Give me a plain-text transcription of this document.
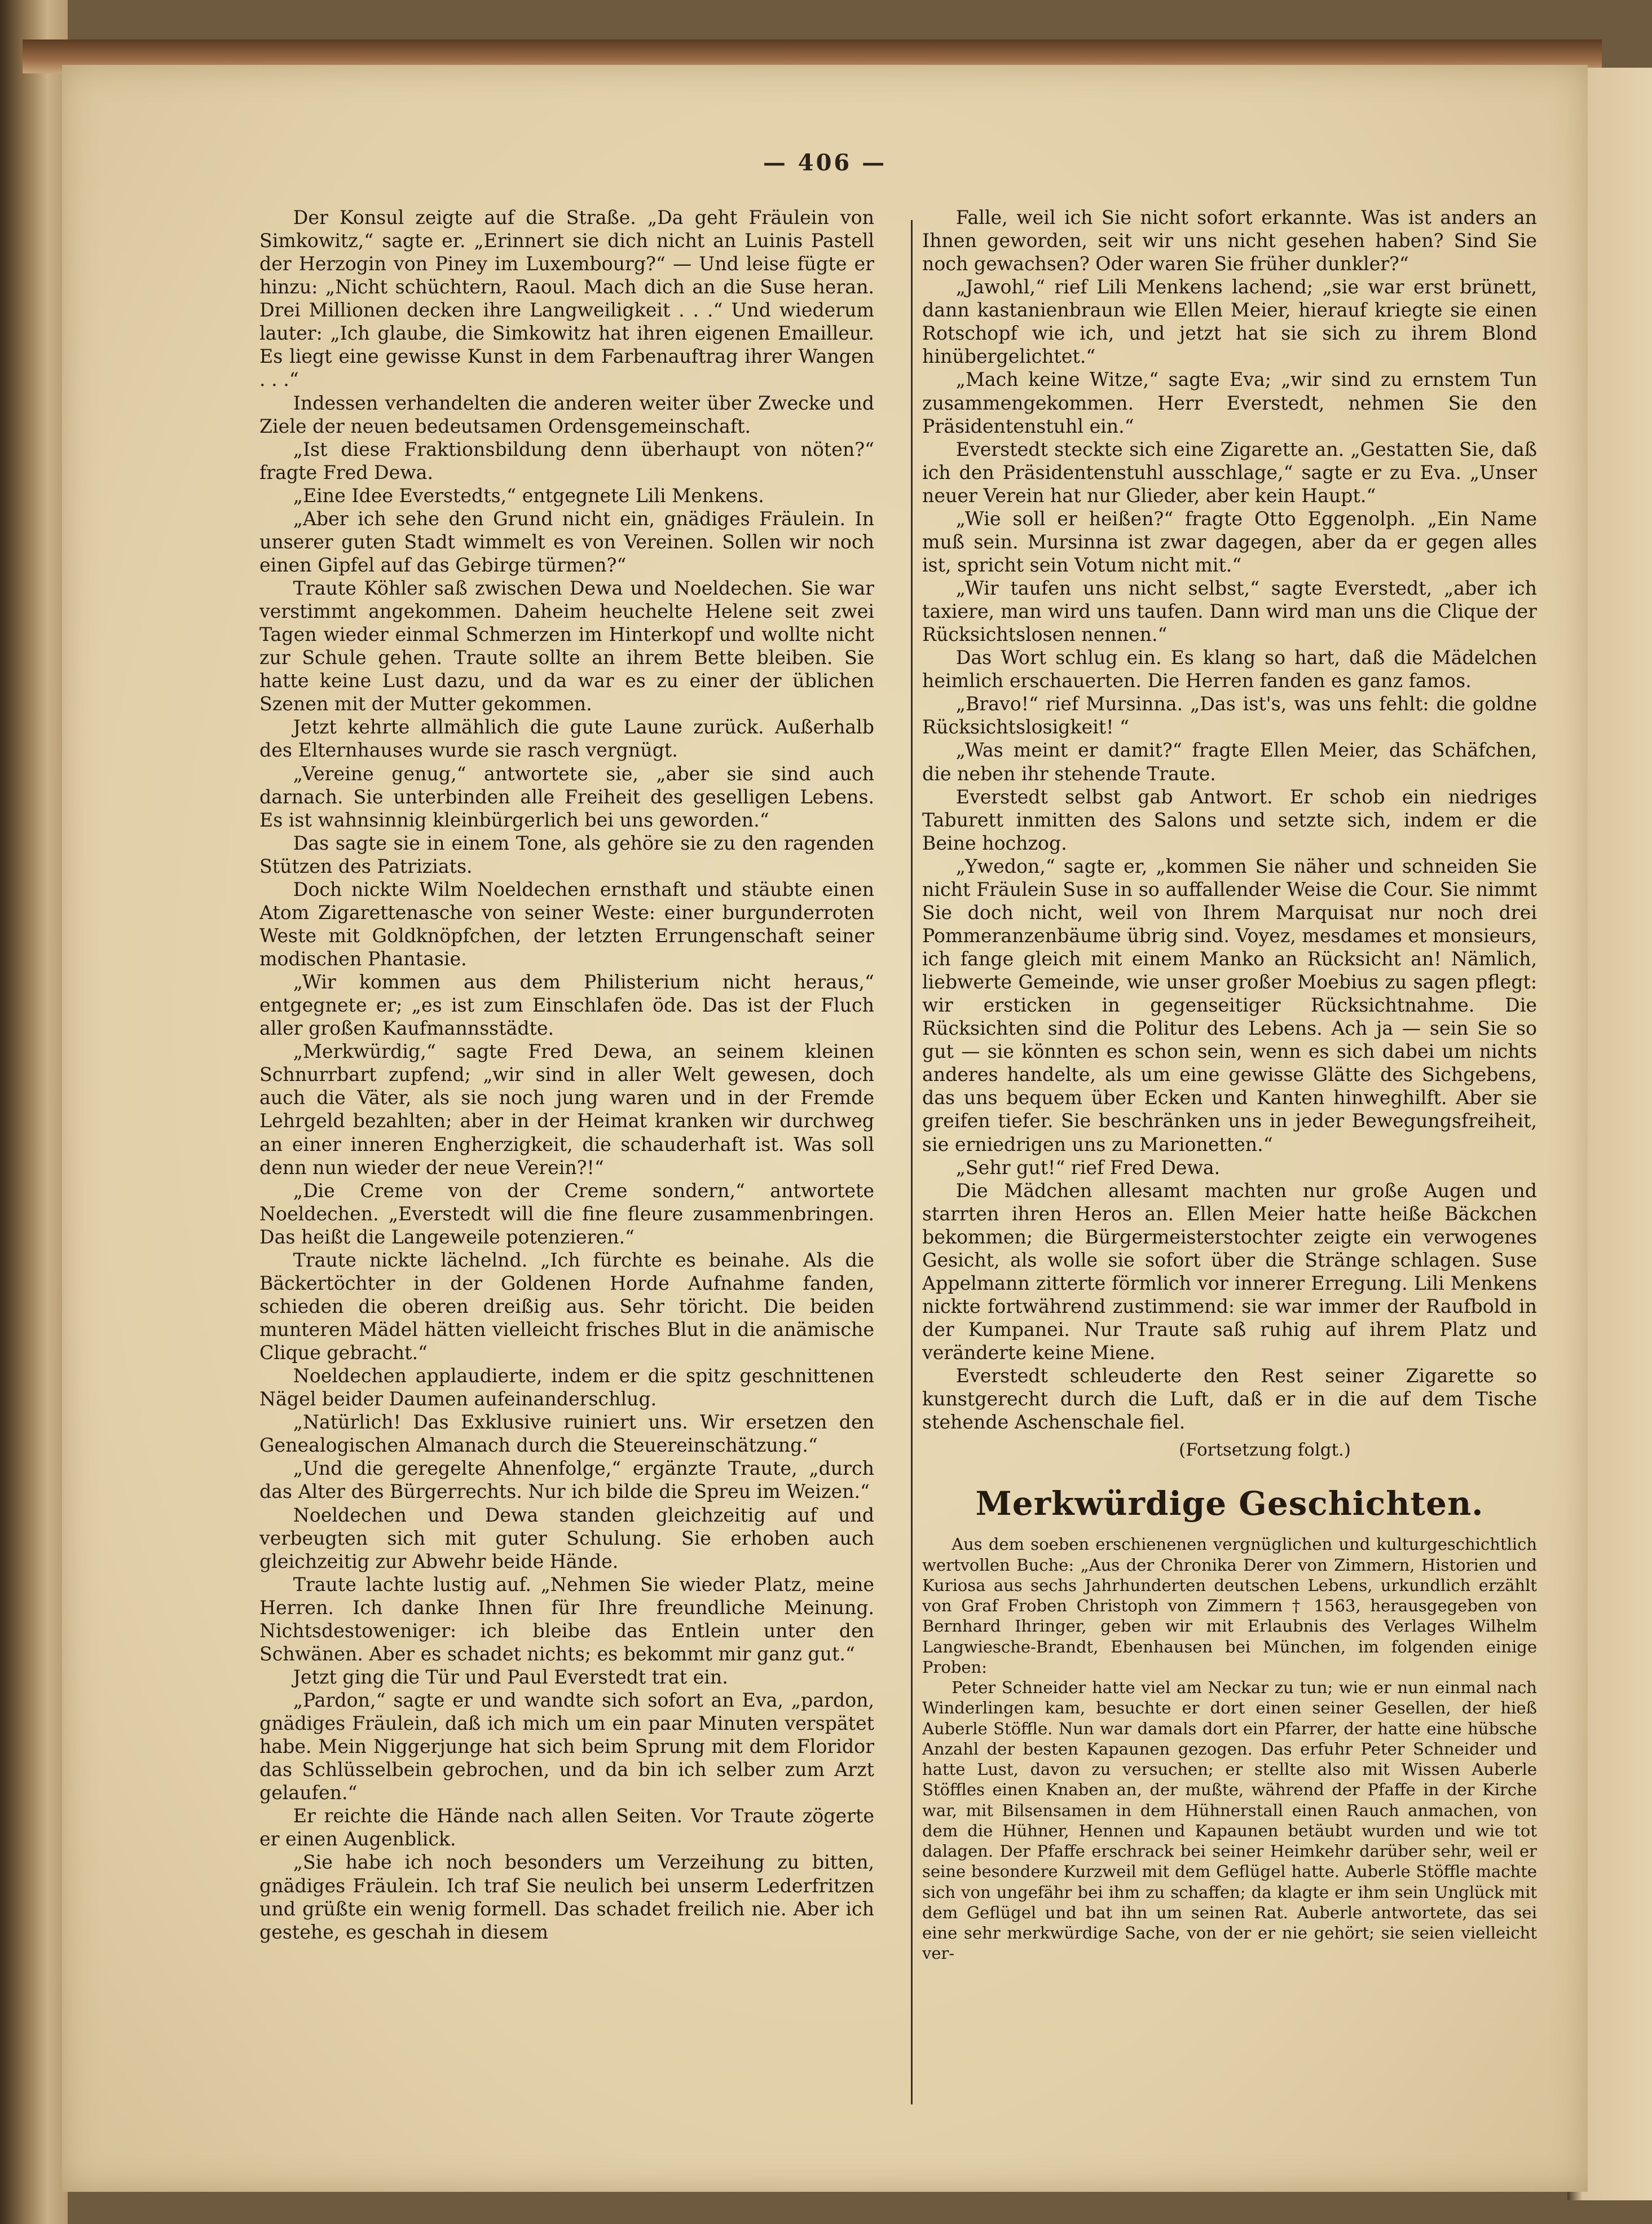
— 406 —

Der Konsul zeigte auf die Straße. „Da geht Fräulein von Simkowitz,“ sagte er. „Erinnert sie dich nicht an Luinis Pastell der Herzogin von Piney im Luxembourg?“ — Und leise fügte er hinzu: „Nicht schüchtern, Raoul. Mach dich an die Suse heran. Drei Millionen decken ihre Langweiligkeit . . .“ Und wiederum lauter: „Ich glaube, die Simkowitz hat ihren eigenen Emailleur. Es liegt eine gewisse Kunst in dem Farbenauftrag ihrer Wangen . . .“

Indessen verhandelten die anderen weiter über Zwecke und Ziele der neuen bedeutsamen Ordensgemeinschaft.

„Ist diese Fraktionsbildung denn überhaupt von nöten?“ fragte Fred Dewa.

„Eine Idee Everstedts,“ entgegnete Lili Menkens.

„Aber ich sehe den Grund nicht ein, gnädiges Fräulein. In unserer guten Stadt wimmelt es von Vereinen. Sollen wir noch einen Gipfel auf das Gebirge türmen?“

Traute Köhler saß zwischen Dewa und Noeldechen. Sie war verstimmt angekommen. Daheim heuchelte Helene seit zwei Tagen wieder einmal Schmerzen im Hinterkopf und wollte nicht zur Schule gehen. Traute sollte an ihrem Bette bleiben. Sie hatte keine Lust dazu, und da war es zu einer der üblichen Szenen mit der Mutter gekommen.

Jetzt kehrte allmählich die gute Laune zurück. Außerhalb des Elternhauses wurde sie rasch vergnügt.

„Vereine genug,“ antwortete sie, „aber sie sind auch darnach. Sie unterbinden alle Freiheit des geselligen Lebens. Es ist wahnsinnig kleinbürgerlich bei uns geworden.“

Das sagte sie in einem Tone, als gehöre sie zu den ragenden Stützen des Patriziats.

Doch nickte Wilm Noeldechen ernsthaft und stäubte einen Atom Zigarettenasche von seiner Weste: einer burgunderroten Weste mit Goldknöpfchen, der letzten Errungenschaft seiner modischen Phantasie.

„Wir kommen aus dem Philisterium nicht heraus,“ entgegnete er; „es ist zum Einschlafen öde. Das ist der Fluch aller großen Kaufmannsstädte.

„Merkwürdig,“ sagte Fred Dewa, an seinem kleinen Schnurrbart zupfend; „wir sind in aller Welt gewesen, doch auch die Väter, als sie noch jung waren und in der Fremde Lehrgeld bezahlten; aber in der Heimat kranken wir durchweg an einer inneren Engherzigkeit, die schauderhaft ist. Was soll denn nun wieder der neue Verein?!“

„Die Creme von der Creme sondern,“ antwortete Noeldechen. „Everstedt will die fine fleure zusammenbringen. Das heißt die Langeweile potenzieren.“

Traute nickte lächelnd. „Ich fürchte es beinahe. Als die Bäckertöchter in der Goldenen Horde Aufnahme fanden, schieden die oberen dreißig aus. Sehr töricht. Die beiden munteren Mädel hätten vielleicht frisches Blut in die anämische Clique gebracht.“

Noeldechen applaudierte, indem er die spitz geschnittenen Nägel beider Daumen aufeinanderschlug.

„Natürlich! Das Exklusive ruiniert uns. Wir ersetzen den Genealogischen Almanach durch die Steuereinschätzung.“

„Und die geregelte Ahnenfolge,“ ergänzte Traute, „durch das Alter des Bürgerrechts. Nur ich bilde die Spreu im Weizen.“

Noeldechen und Dewa standen gleichzeitig auf und verbeugten sich mit guter Schulung. Sie erhoben auch gleichzeitig zur Abwehr beide Hände.

Traute lachte lustig auf. „Nehmen Sie wieder Platz, meine Herren. Ich danke Ihnen für Ihre freundliche Meinung. Nichtsdestoweniger: ich bleibe das Entlein unter den Schwänen. Aber es schadet nichts; es bekommt mir ganz gut.“

Jetzt ging die Tür und Paul Everstedt trat ein.

„Pardon,“ sagte er und wandte sich sofort an Eva, „pardon, gnädiges Fräulein, daß ich mich um ein paar Minuten verspätet habe. Mein Niggerjunge hat sich beim Sprung mit dem Floridor das Schlüsselbein gebrochen, und da bin ich selber zum Arzt gelaufen.“

Er reichte die Hände nach allen Seiten. Vor Traute zögerte er einen Augenblick.

„Sie habe ich noch besonders um Verzeihung zu bitten, gnädiges Fräulein. Ich traf Sie neulich bei unserm Lederfritzen und grüßte ein wenig formell. Das schadet freilich nie. Aber ich gestehe, es geschah in diesem

Falle, weil ich Sie nicht sofort erkannte. Was ist anders an Ihnen geworden, seit wir uns nicht gesehen haben? Sind Sie noch gewachsen? Oder waren Sie früher dunkler?“

„Jawohl,“ rief Lili Menkens lachend; „sie war erst brünett, dann kastanienbraun wie Ellen Meier, hierauf kriegte sie einen Rotschopf wie ich, und jetzt hat sie sich zu ihrem Blond hinübergelichtet.“

„Mach keine Witze,“ sagte Eva; „wir sind zu ernstem Tun zusammengekommen. Herr Everstedt, nehmen Sie den Präsidentenstuhl ein.“

Everstedt steckte sich eine Zigarette an. „Gestatten Sie, daß ich den Präsidentenstuhl ausschlage,“ sagte er zu Eva. „Unser neuer Verein hat nur Glieder, aber kein Haupt.“

„Wie soll er heißen?“ fragte Otto Eggenolph. „Ein Name muß sein. Mursinna ist zwar dagegen, aber da er gegen alles ist, spricht sein Votum nicht mit.“

„Wir taufen uns nicht selbst,“ sagte Everstedt, „aber ich taxiere, man wird uns taufen. Dann wird man uns die Clique der Rücksichtslosen nennen.“

Das Wort schlug ein. Es klang so hart, daß die Mädelchen heimlich erschauerten. Die Herren fanden es ganz famos.

„Bravo!“ rief Mursinna. „Das ist's, was uns fehlt: die goldne Rücksichtslosigkeit! “

„Was meint er damit?“ fragte Ellen Meier, das Schäfchen, die neben ihr stehende Traute.

Everstedt selbst gab Antwort. Er schob ein niedriges Taburett inmitten des Salons und setzte sich, indem er die Beine hochzog.

„Ywedon,“ sagte er, „kommen Sie näher und schneiden Sie nicht Fräulein Suse in so auffallender Weise die Cour. Sie nimmt Sie doch nicht, weil von Ihrem Marquisat nur noch drei Pommeranzenbäume übrig sind. Voyez, mesdames et monsieurs, ich fange gleich mit einem Manko an Rücksicht an! Nämlich, liebwerte Gemeinde, wie unser großer Moebius zu sagen pflegt: wir ersticken in gegenseitiger Rücksichtnahme. Die Rücksichten sind die Politur des Lebens. Ach ja — sein Sie so gut — sie könnten es schon sein, wenn es sich dabei um nichts anderes handelte, als um eine gewisse Glätte des Sichgebens, das uns bequem über Ecken und Kanten hinweghilft. Aber sie greifen tiefer. Sie beschränken uns in jeder Bewegungsfreiheit, sie erniedrigen uns zu Marionetten.“

„Sehr gut!“ rief Fred Dewa.

Die Mädchen allesamt machten nur große Augen und starrten ihren Heros an. Ellen Meier hatte heiße Bäckchen bekommen; die Bürgermeisterstochter zeigte ein verwogenes Gesicht, als wolle sie sofort über die Stränge schlagen. Suse Appelmann zitterte förmlich vor innerer Erregung. Lili Menkens nickte fortwährend zustimmend: sie war immer der Raufbold in der Kumpanei. Nur Traute saß ruhig auf ihrem Platz und veränderte keine Miene.

Everstedt schleuderte den Rest seiner Zigarette so kunstgerecht durch die Luft, daß er in die auf dem Tische stehende Aschenschale fiel.

(Fortsetzung folgt.)

Merkwürdige Geschichten.

Aus dem soeben erschienenen vergnüglichen und kulturgeschichtlich wertvollen Buche: „Aus der Chronika Derer von Zimmern, Historien und Kuriosa aus sechs Jahrhunderten deutschen Lebens, urkundlich erzählt von Graf Froben Christoph von Zimmern † 1563, herausgegeben von Bernhard Ihringer, geben wir mit Erlaubnis des Verlages Wilhelm Langwiesche-Brandt, Ebenhausen bei München, im folgenden einige Proben:

Peter Schneider hatte viel am Neckar zu tun; wie er nun einmal nach Winderlingen kam, besuchte er dort einen seiner Gesellen, der hieß Auberle Stöffle. Nun war damals dort ein Pfarrer, der hatte eine hübsche Anzahl der besten Kapaunen gezogen. Das erfuhr Peter Schneider und hatte Lust, davon zu versuchen; er stellte also mit Wissen Auberle Stöffles einen Knaben an, der mußte, während der Pfaffe in der Kirche war, mit Bilsensamen in dem Hühnerstall einen Rauch anmachen, von dem die Hühner, Hennen und Kapaunen betäubt wurden und wie tot dalagen. Der Pfaffe erschrack bei seiner Heimkehr darüber sehr, weil er seine besondere Kurzweil mit dem Geflügel hatte. Auberle Stöffle machte sich von ungefähr bei ihm zu schaffen; da klagte er ihm sein Unglück mit dem Geflügel und bat ihn um seinen Rat. Auberle antwortete, das sei eine sehr merkwürdige Sache, von der er nie gehört; sie seien vielleicht ver-
